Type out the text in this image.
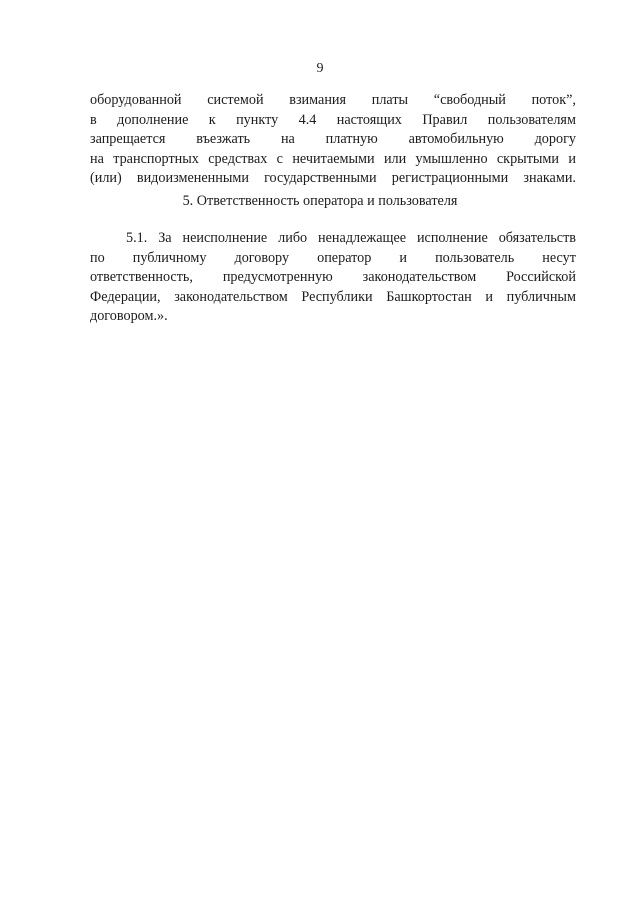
9
оборудованной системой взимания платы “свободный поток”,
в дополнение к пункту 4.4 настоящих Правил пользователям
запрещается въезжать на платную автомобильную дорогу
на транспортных средствах с нечитаемыми или умышленно скрытыми и
(или) видоизмененными государственными регистрационными знаками.
5. Ответственность оператора и пользователя
5.1. За неисполнение либо ненадлежащее исполнение обязательств
по публичному договору оператор и пользователь несут
ответственность, предусмотренную законодательством Российской
Федерации, законодательством Республики Башкортостан и публичным
договором.».
